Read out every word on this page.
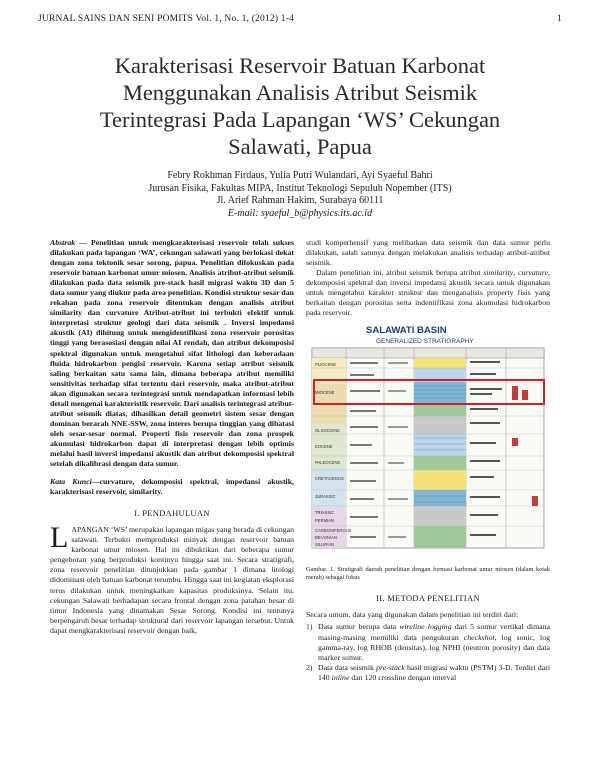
JURNAL SAINS DAN SENI POMITS Vol. 1, No. 1, (2012) 1-4	1
Karakterisasi Reservoir Batuan Karbonat
Menggunakan Analisis Atribut Seismik
Terintegrasi Pada Lapangan ‘WS’ Cekungan
Salawati, Papua
Febry Rokhman Firdaus, Yulia Putri Wulandari, Ayi Syaeful Bahri
Jurusan Fisika, Fakultas MIPA, Institut Teknologi Sepuluh Nopember (ITS)
Jl. Arief Rahman Hakim, Surabaya 60111
E-mail: syaeful_b@physics.its.ac.id

Abstrak — Penelitian untuk mengkarakterisasi reservoir telah sukses dilakukan pada lapangan ‘WA’, cekungan salawati yang berlokasi dekat dengan zona tektonik sesar sorong, papua. Penelitian difokuskan pada reservoir batuan karbonat umur miosen. Analisis atribut-atribut seismik dilakukan pada data seismik pre-stack hasil migrasi waktu 3D dan 5 data sumur yang diukur pada area penelitian. Kondisi struktur sesar dan rekahan pada zona reservoir ditentukan dengan analisis atribut similarity dan curvature Atribut-atribut ini terbukti efektif untuk interpretasi struktur geologi dari data seismik . Inversi impedansi akustik (AI) dihitung untuk mengidentifikasi zona reservoir porositas tinggi yang berasosiasi dengan nilai AI rendah, dan atribut dekomposisi spektral digunakan untuk mengetahui sifat lithologi dan keberadaan fluida hidrokarbon pengisi reservoir. Karena setiap atribut seismik saling berkaitan satu sama lain, dimana beberapa atribut memiliki sensitivitas terhadap sifat tertentu dari reservoir, maka atribut-atribut akan digunakan secara terintegrasi untuk mendapatkan informasi lebih detail mengenai karakteristik reservoir. Dari analisis terintegrasi atribut-atribut seismik diatas, dihasilkan detail geometri sistem sesar dengan dominan berarah NNE-SSW, zona interes berupa tinggian yang dibatasi oleh sesar-sesar normal. Properti fisis reservoir dan zona prospek akumulasi hidrokarbon dapat di interpretasi dengan lebih optimis melalui hasil inversi impedansi akustik dan atribut dekomposisi spektral setelah dikalibrasi dengan data sumur.

Kata Kunci—curvature, dekomposisi spektral, impedansi akustik, karakterisasi reservoir, similarity.

I. PENDAHULUAN

LAPANGAN ‘WS’ merupakan lapangan migas yang berada di cekungan salawati. Terbukti memproduksi minyak dengan reservoir batuan karbonat umur miosen. Hal ini dibuktikan dari beberapa sumur pengeboran yang berproduksi kontinyu hingga saat ini. Secara stratigrafi, zona reservoir penelitian ditunjukkan pada gambar 1 dimana litologi didominasi oleh batuan karbonat terumbu. Hingga saat ini kegiatan eksplorasi terus dilakukan untuk meningkatkan kapasitas produksinya. Selain itu, cekungan Salawati berhadapan secara frontal dengan zona patahan besar di timur Indonesia yang dinamakan Sesar Sorong. Kondisi ini tentunya berpengaruh besar terhadap struktural dari reservoir lapangan tersebut. Untuk dapat mengkarakterisasi reservoir dengan baik,

studi komperhensif yang melibatkan data seismik dan data sumur perlu dilakukan, salah satunya dengan melakukan analisis terhadap atribut-atribut seismik.

Dalam penelitian ini, atribut seismik berupa atribut similarity, curvature, dekomposisi spektral dan inversi impedansi akustik secara untuk digunakan untuk mengetahui karakter struktur dan menganalisis property fisis yang berkaitan dengan porositas serta indentifikasi zona akumulasi hidrokarbon pada reservoir.

SALAWATI BASIN
GENERALIZED STRATIGRAPHY
PLIOCENE
MIOCENE
OLIGOCENE
EOCENE
PALEOCENE
CRETACEOUS
JURASSIC
TRIASSIC
PERMIAN
CARBONIFEROUS
DEVONIAN
SILURIAN

Gambar. 1. Stratigrafi daerah penelitian dengan formasi karbonat umur miosen (dalam kotak merah) sebagai fokus

II. METODA PENELITIAN

Secara umum, data yang digunakan dalam penelitian ini terdiri dari:

1) Data sumur berupa data wireline logging dari 5 sumur vertikal dimana masing-masing memiliki data pengukuran checkshot, log sonic, log gamma-ray, log RHOB (densitas), log NPHI (neutron porosity) dan data marker sumur.
2) Data data seismik pre-stack hasil migrasi waktu (PSTM) 3-D. Terdiri dari 140 inline dan 120 crossline dengan interval
